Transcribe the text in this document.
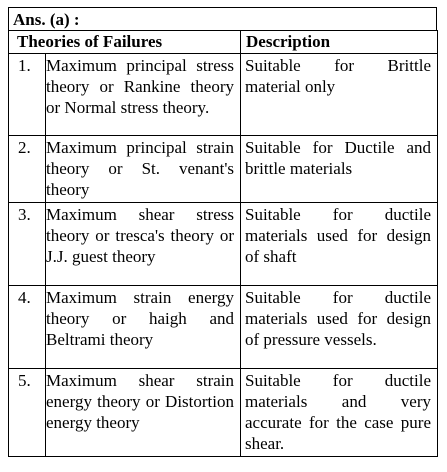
Ans. (a) :
Theories of Failures		Description
1.	Maximum principal stress theory or Rankine theory or Normal stress theory.	Suitable for Brittle material only
2.	Maximum principal strain theory or St. venant's theory	Suitable for Ductile and brittle materials
3.	Maximum shear stress theory or tresca's theory or J.J. guest theory	Suitable for ductile materials used for design of shaft
4.	Maximum strain energy theory or haigh and Beltrami theory	Suitable for ductile materials used for design of pressure vessels.
5.	Maximum shear strain energy theory or Distortion energy theory	Suitable for ductile materials and very accurate for the case pure shear.
